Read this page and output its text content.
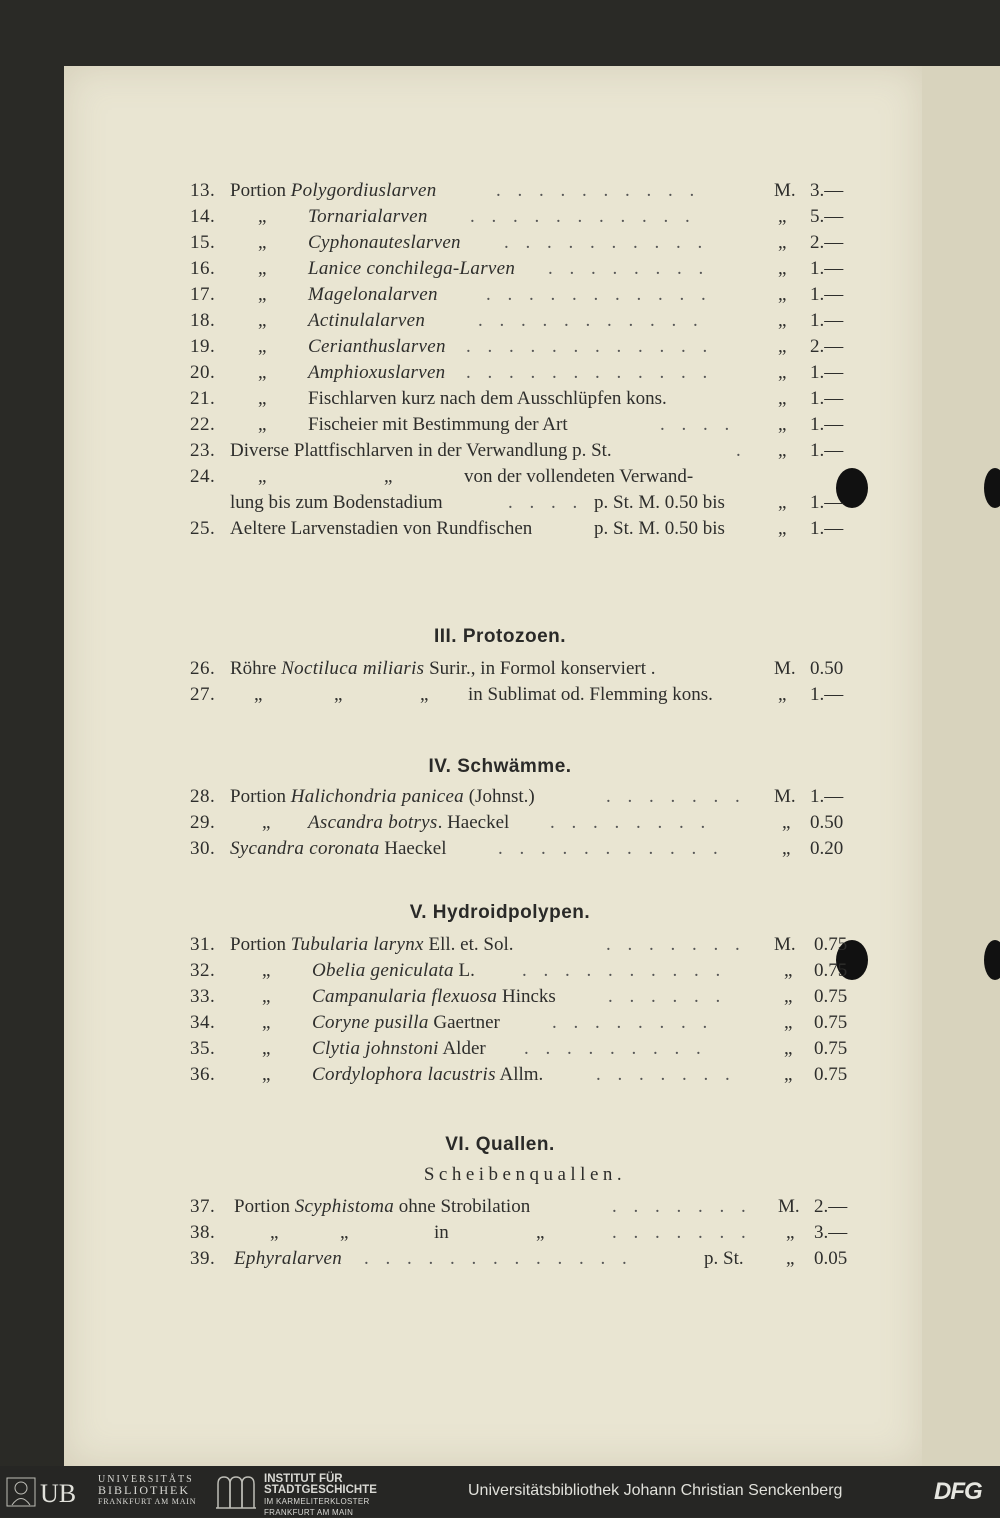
13. Portion Polygordiuslarven	. . . . . . . . . .	M. 3.—
14.	„ Tornarialarven . . . . . . . . . . .	„ 5.—
15.	„ Cyphonauteslarven . . . . . . . . . .	„ 2.—
16.	„ Lanice conchilega-Larven . . . . . . . .	„ 1.—
17.	„ Magelonalarven	. . . . . . . . . . .	„ 1.—
18.	„ Actinulalarven	. . . . . . . . . . .	„ 1.—
19.	„ Cerianthuslarven . . . . . . . . . . . .	„ 2.—
20.	„ Amphioxuslarven . . . . . . . . . . . .	„ 1.—
21.	„ Fischlarven kurz nach dem Ausschlüpfen kons.	„ 1.—
22.	„ Fischeier mit Bestimmung der Art	. . . . „ 1.—
23. Diverse Plattfischlarven in der Verwandlung p. St.	. „ 1.—
24.	„	„	von der vollendeten Verwand-
lung bis zum Bodenstadium	. . . . p. St. M. 0.50 bis	„ 1.—
25. Aeltere Larvenstadien von Rundfischen	p. St. M. 0.50 bis	„ 1.—
III. Protozoen.
26. Röhre Noctiluca miliaris Surir., in Formol konserviert .	M. 0.50
27.	„	„	„ in Sublimat od. Flemming kons.	„ 1.—
IV. Schwämme.
28. Portion Halichondria panicea (Johnst.)	. . . . . . . M. 1.—
29.	„ Ascandra botrys. Haeckel . . . . . . . .	„ 0.50
30. Sycandra coronata Haeckel	. . . . . . . . . . .	„ 0.20
V. Hydroidpolypen.
31. Portion Tubularia larynx Ell. et. Sol.	. . . . . . . M. 0.75
32.	„ Obelia geniculata L. . . . . . . . . . .	„ 0.75
33.	„ Campanularia flexuosa Hincks	. . . . . .	„ 0.75
34.	„ Coryne pusilla Gaertner	. . . . . . . .	„ 0.75
35.	„ Clytia johnstoni Alder . . . . . . . . .	„ 0.75
36.	„ Cordylophora lacustris Allm.	. . . . . . .	„ 0.75
VI. Quallen.
Scheibenquallen.
37. Portion Scyphistoma ohne Strobilation	. . . . . . . M. 2.—
38.	„	„	in	„	. . . . . . . „ 3.—
39. Ephyralarven . . . . . . . . . . . . .	p. St. „ 0.05
UB UNIVERSITÄTS
BIBLIOTHEK
FRANKFURT AM MAIN
INSTITUT FÜR
STADTGESCHICHTE
IM KARMELITERKLOSTER
FRANKFURT AM MAIN
Universitätsbibliothek Johann Christian Senckenberg	DFG
